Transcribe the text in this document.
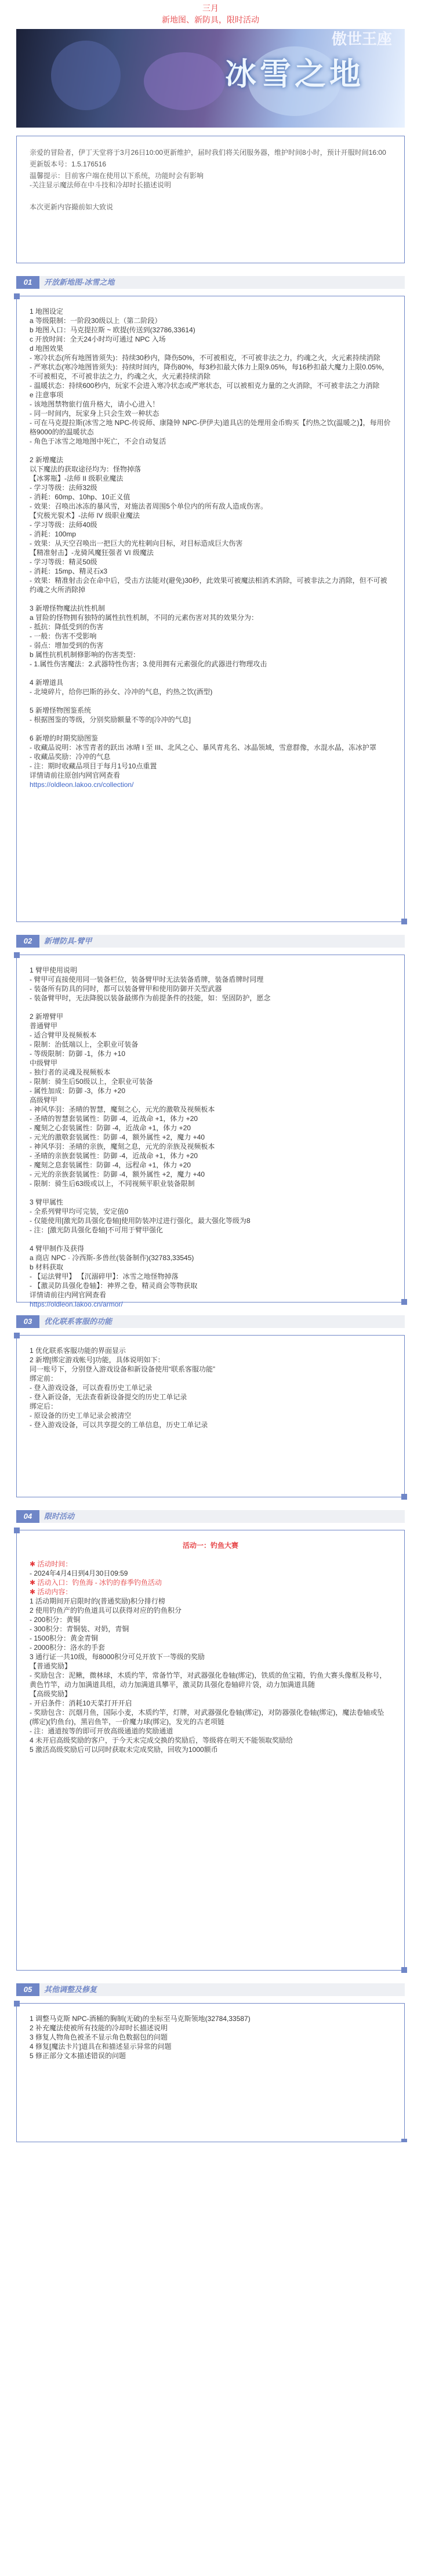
三月
新地图、新防具，限时活动
傲世王座
冰雪之地

亲爱的冒险者，伊丁天堂将于3月26日10:00更新维护，届时我们将关闭服务器，维护时间8小时，预计开服时间16:00

更新版本号：1.5.176516

温馨提示：目前客户端在使用以下系统，功能时会有影响

-关注显示魔法师在中斗技和冷却时长描述说明

本次更新内容撮前如大致说

01	开放新地图-冰雪之地
1 地图设定
a 等级限制：一阶段30级以上（第二阶段）
b 地图入口：马克提拉斯 ~ 欧提(传送到(32786,33614)
c 开放时间：全天24小时均可通过 NPC 入场
d 地图效果
- 寒冷状态(所有地图皆须失)：持续30秒内，降伤50%，不可被相克，不可被非法之力，约魂之火，火元素持续消除
- 严寒状态(寒冷地图皆须失)：持续时间内，降伤80%，每3秒扣最大体力上限9.05%，每16秒扣最大魔力上限0.05%，不可被相克，不可被非法之力，约魂之火，火元素持续消除
- 温暖状态：持续600秒内，玩家不会进入寒冷状态或严寒状态，可以被相克力量的之火消除，不可被非法之力消除
e 注意事项
- 该地图禁物旅行值升格大，请小心进入！
- 同一时间内，玩家身上只会生效一种状态
- 可在马克提拉斯(冰雪之地 NPC-传说师、康隆钟 NPC-伊伊夫)道具店的处理用金币购买【约热之饮(温暖之)】，每用价格9000的的温暖状态
- 角色于冰雪之地地图中死亡，不会自动复活
2 新增魔法
以下魔法的获取途径均为：怪物掉落
【冰雾瓶】-法师 II 级职业魔法
- 学习等级：法师32级
- 消耗：60mp、10hp、10正义值
- 效果：召唤出冰冻的暴风雪，对施法者周围5个单位内的所有敌人造成伤害。
【究极光裂术】-法师 IV 级职业魔法
- 学习等级：法师40级
- 消耗：100mp
- 效果：从天空召唤出一把巨大的光柱刺向目标，对目标造成巨大伤害
【精准射击】-龙骑风魔狂强者 VI 级魔法
- 学习等级：精灵50级
- 消耗：15mp、精灵石x3
- 效果：精准射击会在命中后，受击方法能对(避免)30秒，此效果可被魔法相消术消除，可被非法之力消除，但不可被约魂之火所消除掉
3 新增怪物魔法抗性机制
a 冒险的怪物拥有独特的属性抗性机制，不同的元素伤害对其的效果分为：
- 抵抗：降低受到的伤害
- 一般：伤害不受影响
- 弱点：增加受到的伤害
b 属性抗机机制修影响的伤害类型：
- 1.属性伤害魔法：2.武器特性伤害；3.使用拥有元素强化的武器进行物理攻击
4 新增道具
- 北境碎片，给你巴斯的孙女、冷冲的气息，约热之饮(酒型)
5 新增怪物图鉴系统
- 根据图鉴的等级，分别奖励额量不等的[冷冲的气息]
6 新增的时期奖励图鉴
- 收藏品说明：冰雪青者的跃出 冰晴 I 至 III、北风之心、暴风青兆名、冰晶领域，雪意群像，水混水晶，冻冰护罩
- 收藏品奖励：冷冲的气息
- 注：期时收藏品项目于每月1号10点重置
详情请前往原创内网官网查看
https://oldleon.lakoo.cn/collection/
02	新增防具-臂甲
1 臂甲使用说明
- 臂甲可直接使用同一装备栏位，装备臂甲时无法装备盾牌，装备盾牌时同理
- 装备所有防具的同时，都可以装备臂甲和使用防御开关型武器
- 装备臂甲时，无法降脱以装备最绑作为前提条件的技能，如：坚固防护，愿念
2 新增臂甲
普通臂甲
- 适合臂甲及视频板本
- 限制：治低端以上，全职业可装备
- 等级限制：防御 -1，体力 +10
中级臂甲
- 独行者的灵魂及视频板本
- 限制：骑生后50级以上，全职业可装备
- 属性加成：防御 -3，体力 +20
高级臂甲
- 神风华羽：圣晴的智慧，魔刻之心，元光的激敬及视频板本
- 圣晴的智慧套装属性：防御 -4，近战命 +1，体力 +20
- 魔刻之心套装属性：防御 -4，近战命 +1，体力 +20
- 元光的激敬套装属性：防御 -4，额外属性 +2，魔力 +40
- 神风华羽：圣晴的亲族，魔刻之息，元光的亲族及视频板本
- 圣晴的亲族套装属性：防御 -4，近战命 +1，体力 +20
- 魔刻之息套装属性：防御 -4，远程命 +1，体力 +20
- 元光的亲族套装属性：防御 -4，额外属性 +2，魔力 +40
- 限制：骑生后63级或以上，不同视频平职业装备限制
3 臂甲属性
- 全系列臂甲均可完装，安定值0
- 仅能使用[激光防具强化卷轴]使用防装冲过进行强化，最大强化等级为8
- 注：[激光防具强化卷轴]不可用于臂甲强化
4 臂甲制作及获得
a 商店 NPC · 冷西斯-多兽丝(装备制作)(32783,33545)
b 材料获取
- 【运法臂甲】 【沉溺碎甲】：冰雪之地怪物掉落
- 【激灵防具强化卷轴】：神界之卷，精灵商会等物获取
详情请前往内网官网查看
https://oldleon.lakoo.cn/armor/
03	优化联系客服的功能
1 优化联系客服功能的界面显示
2 新增[绑定游戏帐号]功能，具体说明如下：
同一账号下，分别登入游戏设备和新设备使用“联系客服功能”
绑定前：
- 登入游戏设备，可以查看历史工单记录
- 登入新设备，无法查看新设备提交的历史工单记录
绑定后：
- 原设备的历史工单记录会被清空
- 登入游戏设备，可以共享提交的工单信息，历史工单记录
04	限时活动
活动一：钓鱼大赛
✱ 活动时间：
- 2024年4月4日到4月30日09:59
✱ 活动入口：钓鱼海 - 冰钓的春季钓鱼活动
✱ 活动内容：
1 活动期间开启限时的(普通奖励)积分排行榜
2 使用钓鱼产的钓鱼道具可以获得对应的钓鱼积分
- 200积分：黄铜
- 300积分：青铜装、对奶，青铜
- 1500积分：黄金青铜
- 2000积分：洛水的手套
3 通行证一共10级，每8000积分可兑开放下一等级的奖励
【普通奖励】
- 奖励包含：泥鳅，微林球，木质约竿，常备竹竿，对武器强化卷轴(绑定)，铁质的鱼宝箱，钓鱼大赛头像框及称号，黄色竹竿，动力加满道具组，动力加满道具攀平，激灵防具强化卷轴碎片袋，动力加满道具随
【高级奖励】
- 开启条件：消耗10天菜打开开启
- 奖励包含：沉烟月鱼，国际小麦，木质约竿，灯牌，对武器强化卷轴(绑定)，对防器强化卷轴(绑定)，魔法卷轴或坠(绑定)(钓鱼台)，黑岩鱼竿，一价魔力球(绑定)，发光的古老项链
- 注：通道按等的即可开放高级通道的奖励通道
4 未开启高级奖励的客户，于今天末完成交换的奖励后，等级将在明天不能领取奖励给
5 激活高级奖励后可以同时获取未完成奖励，回收为1000额币
05	其他调整及修复
1 调整马克斯 NPC-酒桶的胸制(无破)的坐标至马克斯领地(32784,33587)
2 补充魔法使被所有技能的冷却时长描述说明
3 修复人物角色被圣不显示角色数据包的问题
4 修复[魔法卡片]道具在和描述显示异常的问题
5 修正部分文本描述错误的问题
